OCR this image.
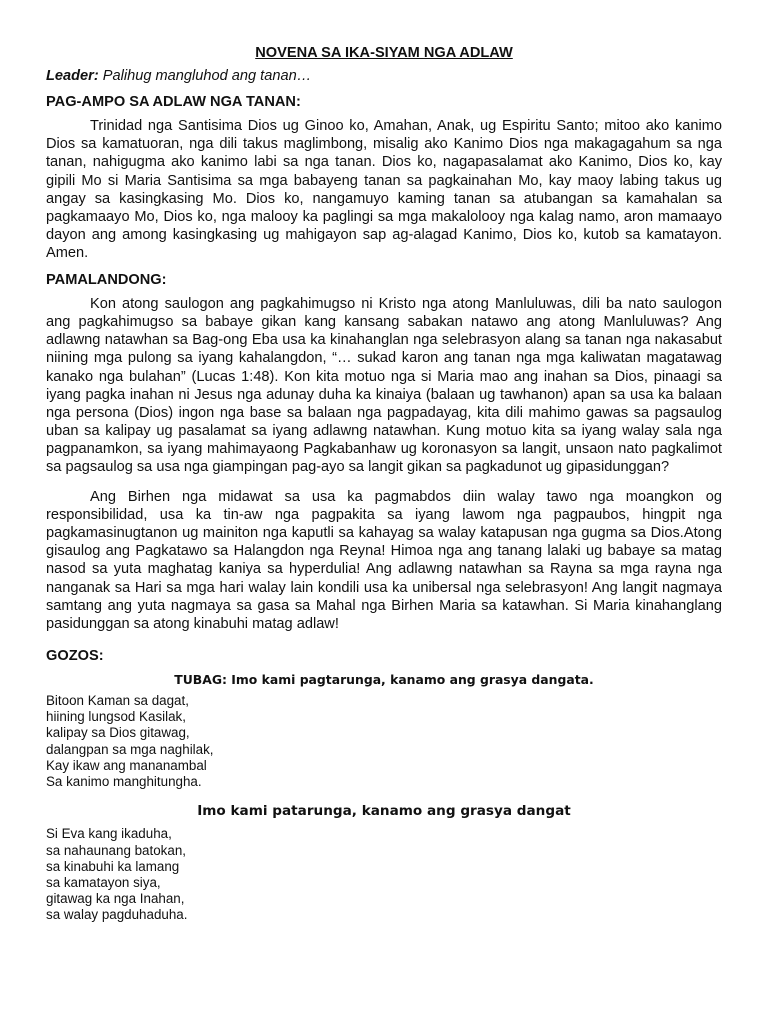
NOVENA SA IKA-SIYAM NGA ADLAW
Leader: Palihug mangluhod ang tanan…
PAG-AMPO SA ADLAW NGA TANAN:

Trinidad nga Santisima Dios ug Ginoo ko, Amahan, Anak, ug Espiritu Santo; mitoo ako kanimo Dios sa kamatuoran, nga dili takus maglimbong, misalig ako Kanimo Dios nga makagagahum sa nga tanan, nahigugma ako kanimo labi sa nga tanan. Dios ko, nagapasalamat ako Kanimo, Dios ko, kay gipili Mo si Maria Santisima sa mga babayeng tanan sa pagkainahan Mo, kay maoy labing takus ug angay sa kasingkasing Mo. Dios ko, nangamuyo kaming tanan sa atubangan sa kamahalan sa pagkamaayo Mo, Dios ko, nga malooy ka paglingi sa mga makalolooy nga kalag namo, aron mamaayo dayon ang among kasingkasing ug mahigayon sap ag-alagad Kanimo, Dios ko, kutob sa kamatayon. Amen.

PAMALANDONG:

Kon atong saulogon ang pagkahimugso ni Kristo nga atong Manluluwas, dili ba nato saulogon ang pagkahimugso sa babaye gikan kang kansang sabakan natawo ang atong Manluluwas? Ang adlawng natawhan sa Bag-ong Eba usa ka kinahanglan nga selebrasyon alang sa tanan nga nakasabut niining mga pulong sa iyang kahalangdon, “… sukad karon ang tanan nga mga kaliwatan magatawag kanako nga bulahan” (Lucas 1:48). Kon kita motuo nga si Maria mao ang inahan sa Dios, pinaagi sa iyang pagka inahan ni Jesus nga adunay duha ka kinaiya (balaan ug tawhanon) apan sa usa ka balaan nga persona (Dios) ingon nga base sa balaan nga pagpadayag, kita dili mahimo gawas sa pagsaulog uban sa kalipay ug pasalamat sa iyang adlawng natawhan. Kung motuo kita sa iyang walay sala nga pagpanamkon, sa iyang mahimayaong Pagkabanhaw ug koronasyon sa langit, unsaon nato pagkalimot sa pagsaulog sa usa nga giampingan pag-ayo sa langit gikan sa pagkadunot ug gipasidunggan?

Ang Birhen nga midawat sa usa ka pagmabdos diin walay tawo nga moangkon og responsibilidad, usa ka tin-aw nga pagpakita sa iyang lawom nga pagpaubos, hingpit nga pagkamasinugtanon ug mainiton nga kaputli sa kahayag sa walay katapusan nga gugma sa Dios.Atong gisaulog ang Pagkatawo sa Halangdon nga Reyna! Himoa nga ang tanang lalaki ug babaye sa matag nasod sa yuta maghatag kaniya sa hyperdulia! Ang adlawng natawhan sa Rayna sa mga rayna nga nanganak sa Hari sa mga hari walay lain kondili usa ka unibersal nga selebrasyon! Ang langit nagmaya samtang ang yuta nagmaya sa gasa sa Mahal nga Birhen Maria sa katawhan. Si Maria kinahanglang pasidunggan sa atong kinabuhi matag adlaw!

GOZOS:
TUBAG: Imo kami pagtarunga, kanamo ang grasya dangata.
Bitoon Kaman sa dagat,
hiining lungsod Kasilak,
kalipay sa Dios gitawag,
dalangpan sa mga naghilak,
Kay ikaw ang mananambal
Sa kanimo manghitungha.
Imo kami patarunga, kanamo ang grasya dangat
Si Eva kang ikaduha,
sa nahaunang batokan,
sa kinabuhi ka lamang
sa kamatayon siya,
gitawag ka nga Inahan,
sa walay pagduhaduha.
